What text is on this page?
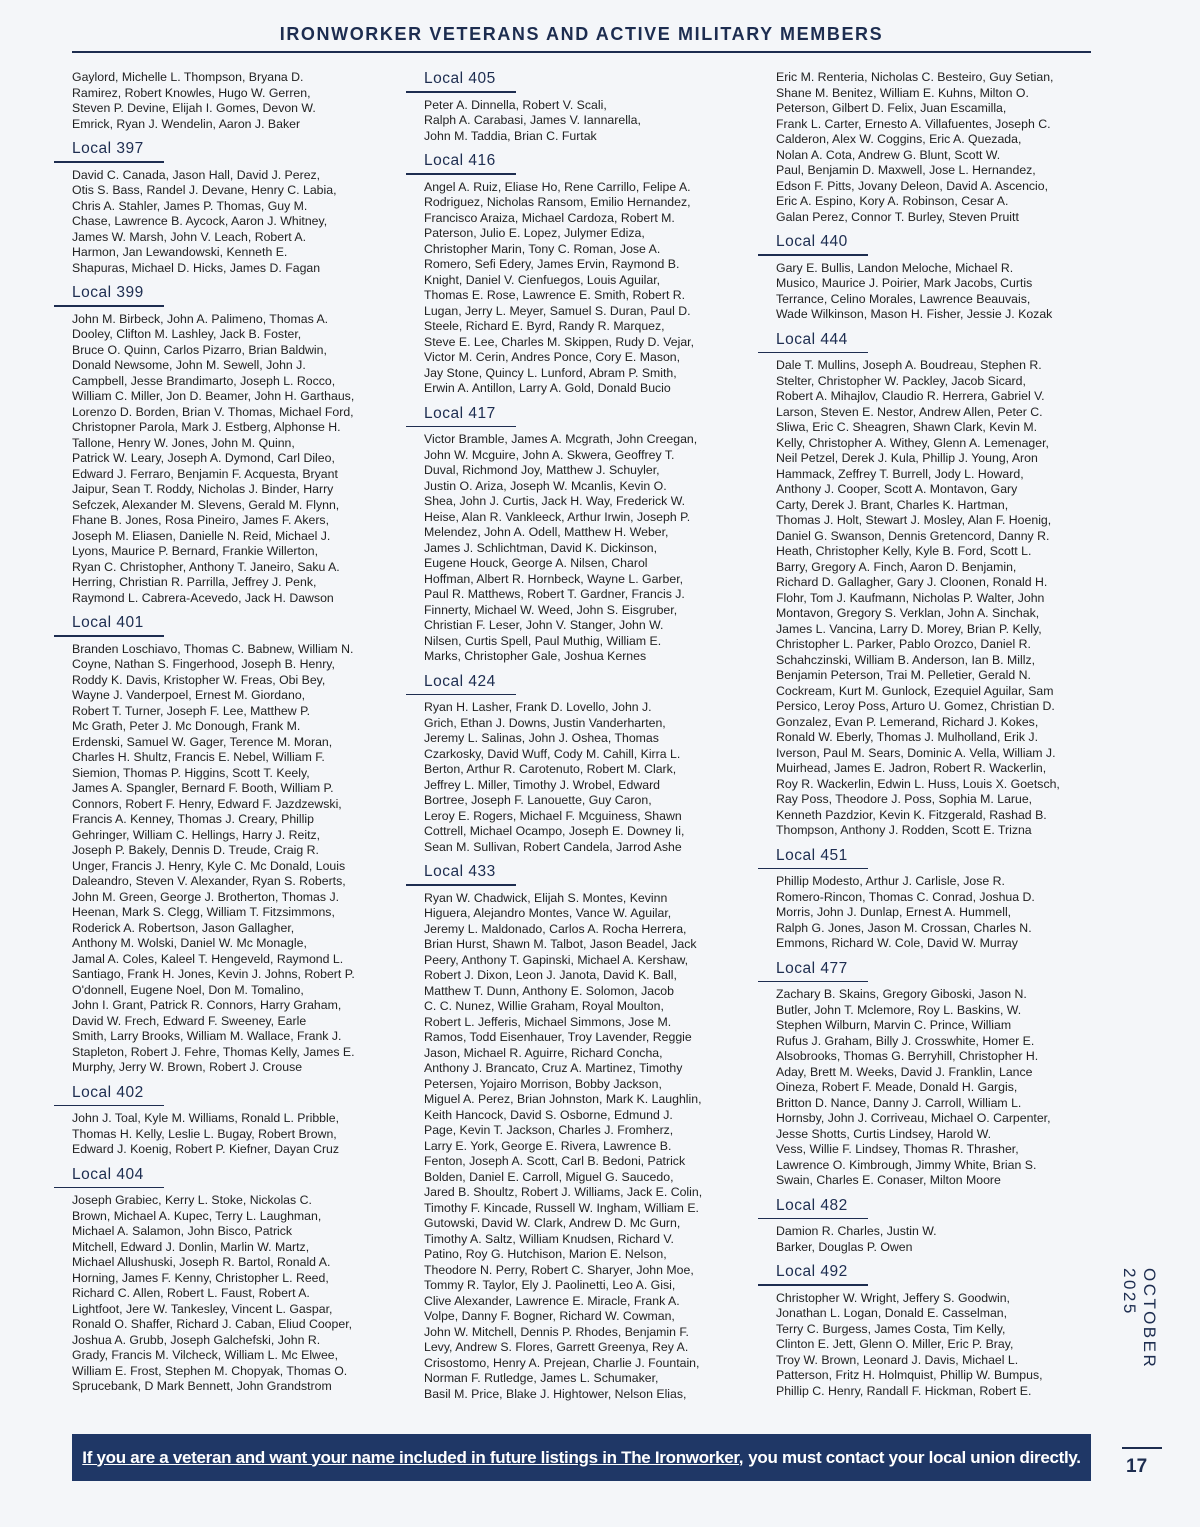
IRONWORKER VETERANS AND ACTIVE MILITARY MEMBERS

Gaylord, Michelle L. Thompson, Bryana D.
Ramirez, Robert Knowles, Hugo W. Gerren,
Steven P. Devine, Elijah I. Gomes, Devon W.
Emrick, Ryan J. Wendelin, Aaron J. Baker

Local 397

David C. Canada, Jason Hall, David J. Perez,
Otis S. Bass, Randel J. Devane, Henry C. Labia,
Chris A. Stahler, James P. Thomas, Guy M.
Chase, Lawrence B. Aycock, Aaron J. Whitney,
James W. Marsh, John V. Leach, Robert A.
Harmon, Jan Lewandowski, Kenneth E.
Shapuras, Michael D. Hicks, James D. Fagan

Local 399

John M. Birbeck, John A. Palimeno, Thomas A.
Dooley, Clifton M. Lashley, Jack B. Foster,
Bruce O. Quinn, Carlos Pizarro, Brian Baldwin,
Donald Newsome, John M. Sewell, John J.
Campbell, Jesse Brandimarto, Joseph L. Rocco,
William C. Miller, Jon D. Beamer, John H. Garthaus,
Lorenzo D. Borden, Brian V. Thomas, Michael Ford,
Christopner Parola, Mark J. Estberg, Alphonse H.
Tallone, Henry W. Jones, John M. Quinn,
Patrick W. Leary, Joseph A. Dymond, Carl Dileo,
Edward J. Ferraro, Benjamin F. Acquesta, Bryant
Jaipur, Sean T. Roddy, Nicholas J. Binder, Harry
Sefczek, Alexander M. Slevens, Gerald M. Flynn,
Fhane B. Jones, Rosa Pineiro, James F. Akers,
Joseph M. Eliasen, Danielle N. Reid, Michael J.
Lyons, Maurice P. Bernard, Frankie Willerton,
Ryan C. Christopher, Anthony T. Janeiro, Saku A.
Herring, Christian R. Parrilla, Jeffrey J. Penk,
Raymond L. Cabrera-Acevedo, Jack H. Dawson

Local 401

Branden Loschiavo, Thomas C. Babnew, William N.
Coyne, Nathan S. Fingerhood, Joseph B. Henry,
Roddy K. Davis, Kristopher W. Freas, Obi Bey,
Wayne J. Vanderpoel, Ernest M. Giordano,
Robert T. Turner, Joseph F. Lee, Matthew P.
Mc Grath, Peter J. Mc Donough, Frank M.
Erdenski, Samuel W. Gager, Terence M. Moran,
Charles H. Shultz, Francis E. Nebel, William F.
Siemion, Thomas P. Higgins, Scott T. Keely,
James A. Spangler, Bernard F. Booth, William P.
Connors, Robert F. Henry, Edward F. Jazdzewski,
Francis A. Kenney, Thomas J. Creary, Phillip
Gehringer, William C. Hellings, Harry J. Reitz,
Joseph P. Bakely, Dennis D. Treude, Craig R.
Unger, Francis J. Henry, Kyle C. Mc Donald, Louis
Daleandro, Steven V. Alexander, Ryan S. Roberts,
John M. Green, George J. Brotherton, Thomas J.
Heenan, Mark S. Clegg, William T. Fitzsimmons,
Roderick A. Robertson, Jason Gallagher,
Anthony M. Wolski, Daniel W. Mc Monagle,
Jamal A. Coles, Kaleel T. Hengeveld, Raymond L.
Santiago, Frank H. Jones, Kevin J. Johns, Robert P.
O'donnell, Eugene Noel, Don M. Tomalino,
John I. Grant, Patrick R. Connors, Harry Graham,
David W. Frech, Edward F. Sweeney, Earle
Smith, Larry Brooks, William M. Wallace, Frank J.
Stapleton, Robert J. Fehre, Thomas Kelly, James E.
Murphy, Jerry W. Brown, Robert J. Crouse

Local 402

John J. Toal, Kyle M. Williams, Ronald L. Pribble,
Thomas H. Kelly, Leslie L. Bugay, Robert Brown,
Edward J. Koenig, Robert P. Kiefner, Dayan Cruz

Local 404

Joseph Grabiec, Kerry L. Stoke, Nickolas C.
Brown, Michael A. Kupec, Terry L. Laughman,
Michael A. Salamon, John Bisco, Patrick
Mitchell, Edward J. Donlin, Marlin W. Martz,
Michael Allushuski, Joseph R. Bartol, Ronald A.
Horning, James F. Kenny, Christopher L. Reed,
Richard C. Allen, Robert L. Faust, Robert A.
Lightfoot, Jere W. Tankesley, Vincent L. Gaspar,
Ronald O. Shaffer, Richard J. Caban, Eliud Cooper,
Joshua A. Grubb, Joseph Galchefski, John R.
Grady, Francis M. Vilcheck, William L. Mc Elwee,
William E. Frost, Stephen M. Chopyak, Thomas O.
Sprucebank, D Mark Bennett, John Grandstrom

Local 405

Peter A. Dinnella, Robert V. Scali,
Ralph A. Carabasi, James V. Iannarella,
John M. Taddia, Brian C. Furtak

Local 416

Angel A. Ruiz, Eliase Ho, Rene Carrillo, Felipe A.
Rodriguez, Nicholas Ransom, Emilio Hernandez,
Francisco Araiza, Michael Cardoza, Robert M.
Paterson, Julio E. Lopez, Julymer Ediza,
Christopher Marin, Tony C. Roman, Jose A.
Romero, Sefi Edery, James Ervin, Raymond B.
Knight, Daniel V. Cienfuegos, Louis Aguilar,
Thomas E. Rose, Lawrence E. Smith, Robert R.
Lugan, Jerry L. Meyer, Samuel S. Duran, Paul D.
Steele, Richard E. Byrd, Randy R. Marquez,
Steve E. Lee, Charles M. Skippen, Rudy D. Vejar,
Victor M. Cerin, Andres Ponce, Cory E. Mason,
Jay Stone, Quincy L. Lunford, Abram P. Smith,
Erwin A. Antillon, Larry A. Gold, Donald Bucio

Local 417

Victor Bramble, James A. Mcgrath, John Creegan,
John W. Mcguire, John A. Skwera, Geoffrey T.
Duval, Richmond Joy, Matthew J. Schuyler,
Justin O. Ariza, Joseph W. Mcanlis, Kevin O.
Shea, John J. Curtis, Jack H. Way, Frederick W.
Heise, Alan R. Vankleeck, Arthur Irwin, Joseph P.
Melendez, John A. Odell, Matthew H. Weber,
James J. Schlichtman, David K. Dickinson,
Eugene Houck, George A. Nilsen, Charol
Hoffman, Albert R. Hornbeck, Wayne L. Garber,
Paul R. Matthews, Robert T. Gardner, Francis J.
Finnerty, Michael W. Weed, John S. Eisgruber,
Christian F. Leser, John V. Stanger, John W.
Nilsen, Curtis Spell, Paul Muthig, William E.
Marks, Christopher Gale, Joshua Kernes

Local 424

Ryan H. Lasher, Frank D. Lovello, John J.
Grich, Ethan J. Downs, Justin Vanderharten,
Jeremy L. Salinas, John J. Oshea, Thomas
Czarkosky, David Wuff, Cody M. Cahill, Kirra L.
Berton, Arthur R. Carotenuto, Robert M. Clark,
Jeffrey L. Miller, Timothy J. Wrobel, Edward
Bortree, Joseph F. Lanouette, Guy Caron,
Leroy E. Rogers, Michael F. Mcguiness, Shawn
Cottrell, Michael Ocampo, Joseph E. Downey Ii,
Sean M. Sullivan, Robert Candela, Jarrod Ashe

Local 433

Ryan W. Chadwick, Elijah S. Montes, Kevinn
Higuera, Alejandro Montes, Vance W. Aguilar,
Jeremy L. Maldonado, Carlos A. Rocha Herrera,
Brian Hurst, Shawn M. Talbot, Jason Beadel, Jack
Peery, Anthony T. Gapinski, Michael A. Kershaw,
Robert J. Dixon, Leon J. Janota, David K. Ball,
Matthew T. Dunn, Anthony E. Solomon, Jacob
C. C. Nunez, Willie Graham, Royal Moulton,
Robert L. Jefferis, Michael Simmons, Jose M.
Ramos, Todd Eisenhauer, Troy Lavender, Reggie
Jason, Michael R. Aguirre, Richard Concha,
Anthony J. Brancato, Cruz A. Martinez, Timothy
Petersen, Yojairo Morrison, Bobby Jackson,
Miguel A. Perez, Brian Johnston, Mark K. Laughlin,
Keith Hancock, David S. Osborne, Edmund J.
Page, Kevin T. Jackson, Charles J. Fromherz,
Larry E. York, George E. Rivera, Lawrence B.
Fenton, Joseph A. Scott, Carl B. Bedoni, Patrick
Bolden, Daniel E. Carroll, Miguel G. Saucedo,
Jared B. Shoultz, Robert J. Williams, Jack E. Colin,
Timothy F. Kincade, Russell W. Ingham, William E.
Gutowski, David W. Clark, Andrew D. Mc Gurn,
Timothy A. Saltz, William Knudsen, Richard V.
Patino, Roy G. Hutchison, Marion E. Nelson,
Theodore N. Perry, Robert C. Sharyer, John Moe,
Tommy R. Taylor, Ely J. Paolinetti, Leo A. Gisi,
Clive Alexander, Lawrence E. Miracle, Frank A.
Volpe, Danny F. Bogner, Richard W. Cowman,
John W. Mitchell, Dennis P. Rhodes, Benjamin F.
Levy, Andrew S. Flores, Garrett Greenya, Rey A.
Crisostomo, Henry A. Prejean, Charlie J. Fountain,
Norman F. Rutledge, James L. Schumaker,
Basil M. Price, Blake J. Hightower, Nelson Elias,

Eric M. Renteria, Nicholas C. Besteiro, Guy Setian,
Shane M. Benitez, William E. Kuhns, Milton O.
Peterson, Gilbert D. Felix, Juan Escamilla,
Frank L. Carter, Ernesto A. Villafuentes, Joseph C.
Calderon, Alex W. Coggins, Eric A. Quezada,
Nolan A. Cota, Andrew G. Blunt, Scott W.
Paul, Benjamin D. Maxwell, Jose L. Hernandez,
Edson F. Pitts, Jovany Deleon, David A. Ascencio,
Eric A. Espino, Kory A. Robinson, Cesar A.
Galan Perez, Connor T. Burley, Steven Pruitt

Local 440

Gary E. Bullis, Landon Meloche, Michael R.
Musico, Maurice J. Poirier, Mark Jacobs, Curtis
Terrance, Celino Morales, Lawrence Beauvais,
Wade Wilkinson, Mason H. Fisher, Jessie J. Kozak

Local 444

Dale T. Mullins, Joseph A. Boudreau, Stephen R.
Stelter, Christopher W. Packley, Jacob Sicard,
Robert A. Mihajlov, Claudio R. Herrera, Gabriel V.
Larson, Steven E. Nestor, Andrew Allen, Peter C.
Sliwa, Eric C. Sheagren, Shawn Clark, Kevin M.
Kelly, Christopher A. Withey, Glenn A. Lemenager,
Neil Petzel, Derek J. Kula, Phillip J. Young, Aron
Hammack, Zeffrey T. Burrell, Jody L. Howard,
Anthony J. Cooper, Scott A. Montavon, Gary
Carty, Derek J. Brant, Charles K. Hartman,
Thomas J. Holt, Stewart J. Mosley, Alan F. Hoenig,
Daniel G. Swanson, Dennis Gretencord, Danny R.
Heath, Christopher Kelly, Kyle B. Ford, Scott L.
Barry, Gregory A. Finch, Aaron D. Benjamin,
Richard D. Gallagher, Gary J. Cloonen, Ronald H.
Flohr, Tom J. Kaufmann, Nicholas P. Walter, John
Montavon, Gregory S. Verklan, John A. Sinchak,
James L. Vancina, Larry D. Morey, Brian P. Kelly,
Christopher L. Parker, Pablo Orozco, Daniel R.
Schahczinski, William B. Anderson, Ian B. Millz,
Benjamin Peterson, Trai M. Pelletier, Gerald N.
Cockream, Kurt M. Gunlock, Ezequiel Aguilar, Sam
Persico, Leroy Poss, Arturo U. Gomez, Christian D.
Gonzalez, Evan P. Lemerand, Richard J. Kokes,
Ronald W. Eberly, Thomas J. Mulholland, Erik J.
Iverson, Paul M. Sears, Dominic A. Vella, William J.
Muirhead, James E. Jadron, Robert R. Wackerlin,
Roy R. Wackerlin, Edwin L. Huss, Louis X. Goetsch,
Ray Poss, Theodore J. Poss, Sophia M. Larue,
Kenneth Pazdzior, Kevin K. Fitzgerald, Rashad B.
Thompson, Anthony J. Rodden, Scott E. Trizna

Local 451

Phillip Modesto, Arthur J. Carlisle, Jose R.
Romero-Rincon, Thomas C. Conrad, Joshua D.
Morris, John J. Dunlap, Ernest A. Hummell,
Ralph G. Jones, Jason M. Crossan, Charles N.
Emmons, Richard W. Cole, David W. Murray

Local 477

Zachary B. Skains, Gregory Giboski, Jason N.
Butler, John T. Mclemore, Roy L. Baskins, W.
Stephen Wilburn, Marvin C. Prince, William
Rufus J. Graham, Billy J. Crosswhite, Homer E.
Alsobrooks, Thomas G. Berryhill, Christopher H.
Aday, Brett M. Weeks, David J. Franklin, Lance
Oineza, Robert F. Meade, Donald H. Gargis,
Britton D. Nance, Danny J. Carroll, William L.
Hornsby, John J. Corriveau, Michael O. Carpenter,
Jesse Shotts, Curtis Lindsey, Harold W.
Vess, Willie F. Lindsey, Thomas R. Thrasher,
Lawrence O. Kimbrough, Jimmy White, Brian S.
Swain, Charles E. Conaser, Milton Moore

Local 482

Damion R. Charles, Justin W.
Barker, Douglas P. Owen

Local 492

Christopher W. Wright, Jeffery S. Goodwin,
Jonathan L. Logan, Donald E. Casselman,
Terry C. Burgess, James Costa, Tim Kelly,
Clinton E. Jett, Glenn O. Miller, Eric P. Bray,
Troy W. Brown, Leonard J. Davis, Michael L.
Patterson, Fritz H. Holmquist, Phillip W. Bumpus,
Phillip C. Henry, Randall F. Hickman, Robert E.

If you are a veteran and want your name included in future listings in The Ironworker, you must contact your local union directly.
OCTOBER 2025
17
